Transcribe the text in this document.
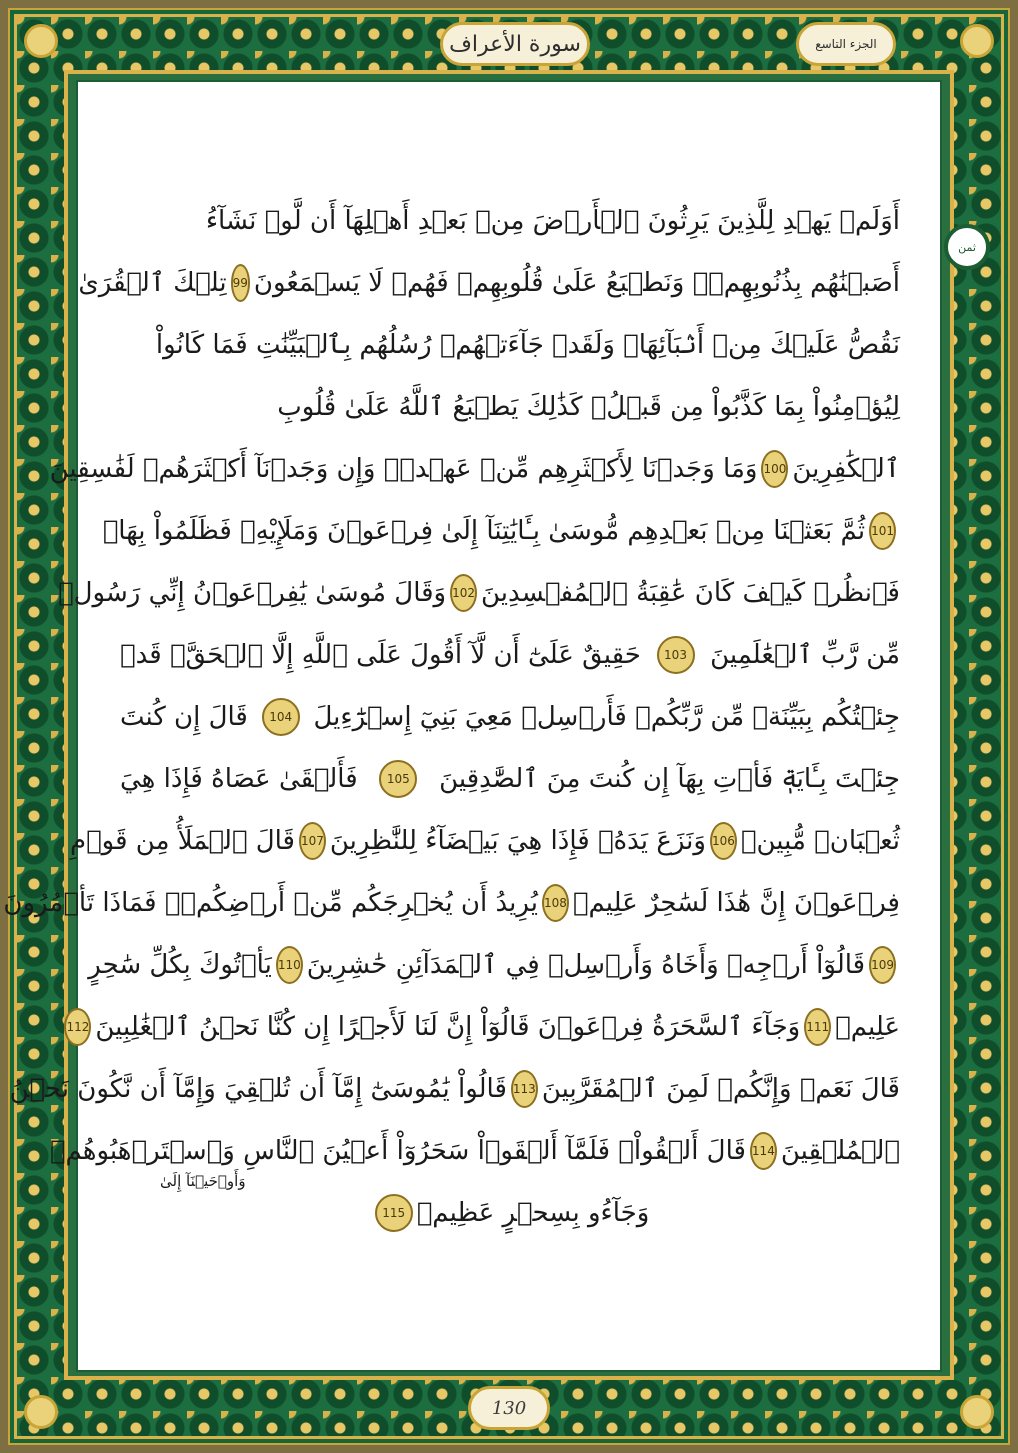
سورة الأعراف	الجزء التاسع
ثمن
أَوَلَمۡ يَهۡدِ لِلَّذِينَ يَرِثُونَ ٱلۡأَرۡضَ مِنۢ بَعۡدِ أَهۡلِهَآ أَن لَّوۡ نَشَآءُ
أَصَبۡنَٰهُم بِذُنُوبِهِمۡۚ وَنَطۡبَعُ عَلَىٰ قُلُوبِهِمۡ فَهُمۡ لَا يَسۡمَعُونَ
99
تِلۡكَ ٱلۡقُرَىٰ
نَقُصُّ عَلَيۡكَ مِنۡ أَنۢبَآئِهَاۚ وَلَقَدۡ جَآءَتۡهُمۡ رُسُلُهُم بِٱلۡبَيِّنَٰتِ فَمَا كَانُواْ
لِيُؤۡمِنُواْ بِمَا كَذَّبُواْ مِن قَبۡلُۚ كَذَٰلِكَ يَطۡبَعُ ٱللَّهُ عَلَىٰ قُلُوبِ
ٱلۡكَٰفِرِينَ
100
وَمَا وَجَدۡنَا لِأَكۡثَرِهِم مِّنۡ عَهۡدٖۖ وَإِن وَجَدۡنَآ أَكۡثَرَهُمۡ لَفَٰسِقِينَ
101
ثُمَّ بَعَثۡنَا مِنۢ بَعۡدِهِم مُّوسَىٰ بِـَٔايَٰتِنَآ إِلَىٰ فِرۡعَوۡنَ وَمَلَإِيْهِۦ فَظَلَمُواْ بِهَاۖ
فَٱنظُرۡ كَيۡفَ كَانَ عَٰقِبَةُ ٱلۡمُفۡسِدِينَ
102
وَقَالَ مُوسَىٰ يَٰفِرۡعَوۡنُ إِنِّي رَسُولٞ
مِّن رَّبِّ ٱلۡعَٰلَمِينَ
103
حَقِيقٌ عَلَىٰٓ أَن لَّآ أَقُولَ عَلَى ٱللَّهِ إِلَّا ٱلۡحَقَّۚ قَدۡ
جِئۡتُكُم بِبَيِّنَةٖ مِّن رَّبِّكُمۡ فَأَرۡسِلۡ مَعِيَ بَنِيٓ إِسۡرَٰٓءِيلَ
104
قَالَ إِن كُنتَ
جِئۡتَ بِـَٔايَةٖ فَأۡتِ بِهَآ إِن كُنتَ مِنَ ٱلصَّٰدِقِينَ
105
فَأَلۡقَىٰ عَصَاهُ فَإِذَا هِيَ
ثُعۡبَانٞ مُّبِينٞ
106
وَنَزَعَ يَدَهُۥ فَإِذَا هِيَ بَيۡضَآءُ لِلنَّٰظِرِينَ
107
قَالَ ٱلۡمَلَأُ مِن قَوۡمِ
فِرۡعَوۡنَ إِنَّ هَٰذَا لَسَٰحِرٌ عَلِيمٞ
108
يُرِيدُ أَن يُخۡرِجَكُم مِّنۡ أَرۡضِكُمۡۖ فَمَاذَا تَأۡمُرُونَ
109
قَالُوٓاْ أَرۡجِهۡ وَأَخَاهُ وَأَرۡسِلۡ فِي ٱلۡمَدَآئِنِ حَٰشِرِينَ
110
يَأۡتُوكَ بِكُلِّ سَٰحِرٍ
عَلِيمٖ
111
وَجَآءَ ٱلسَّحَرَةُ فِرۡعَوۡنَ قَالُوٓاْ إِنَّ لَنَا لَأَجۡرًا إِن كُنَّا نَحۡنُ ٱلۡغَٰلِبِينَ
112
قَالَ نَعَمۡ وَإِنَّكُمۡ لَمِنَ ٱلۡمُقَرَّبِينَ
113
قَالُواْ يَٰمُوسَىٰٓ إِمَّآ أَن تُلۡقِيَ وَإِمَّآ أَن نَّكُونَ نَحۡنُ
ٱلۡمُلۡقِينَ
114
قَالَ أَلۡقُواْۖ فَلَمَّآ أَلۡقَوۡاْ سَحَرُوٓاْ أَعۡيُنَ ٱلنَّاسِ وَٱسۡتَرۡهَبُوهُمۡ
وَجَآءُو بِسِحۡرٍ عَظِيمٖ
115
وَأَوۡحَيۡنَآ إِلَىٰ
130
